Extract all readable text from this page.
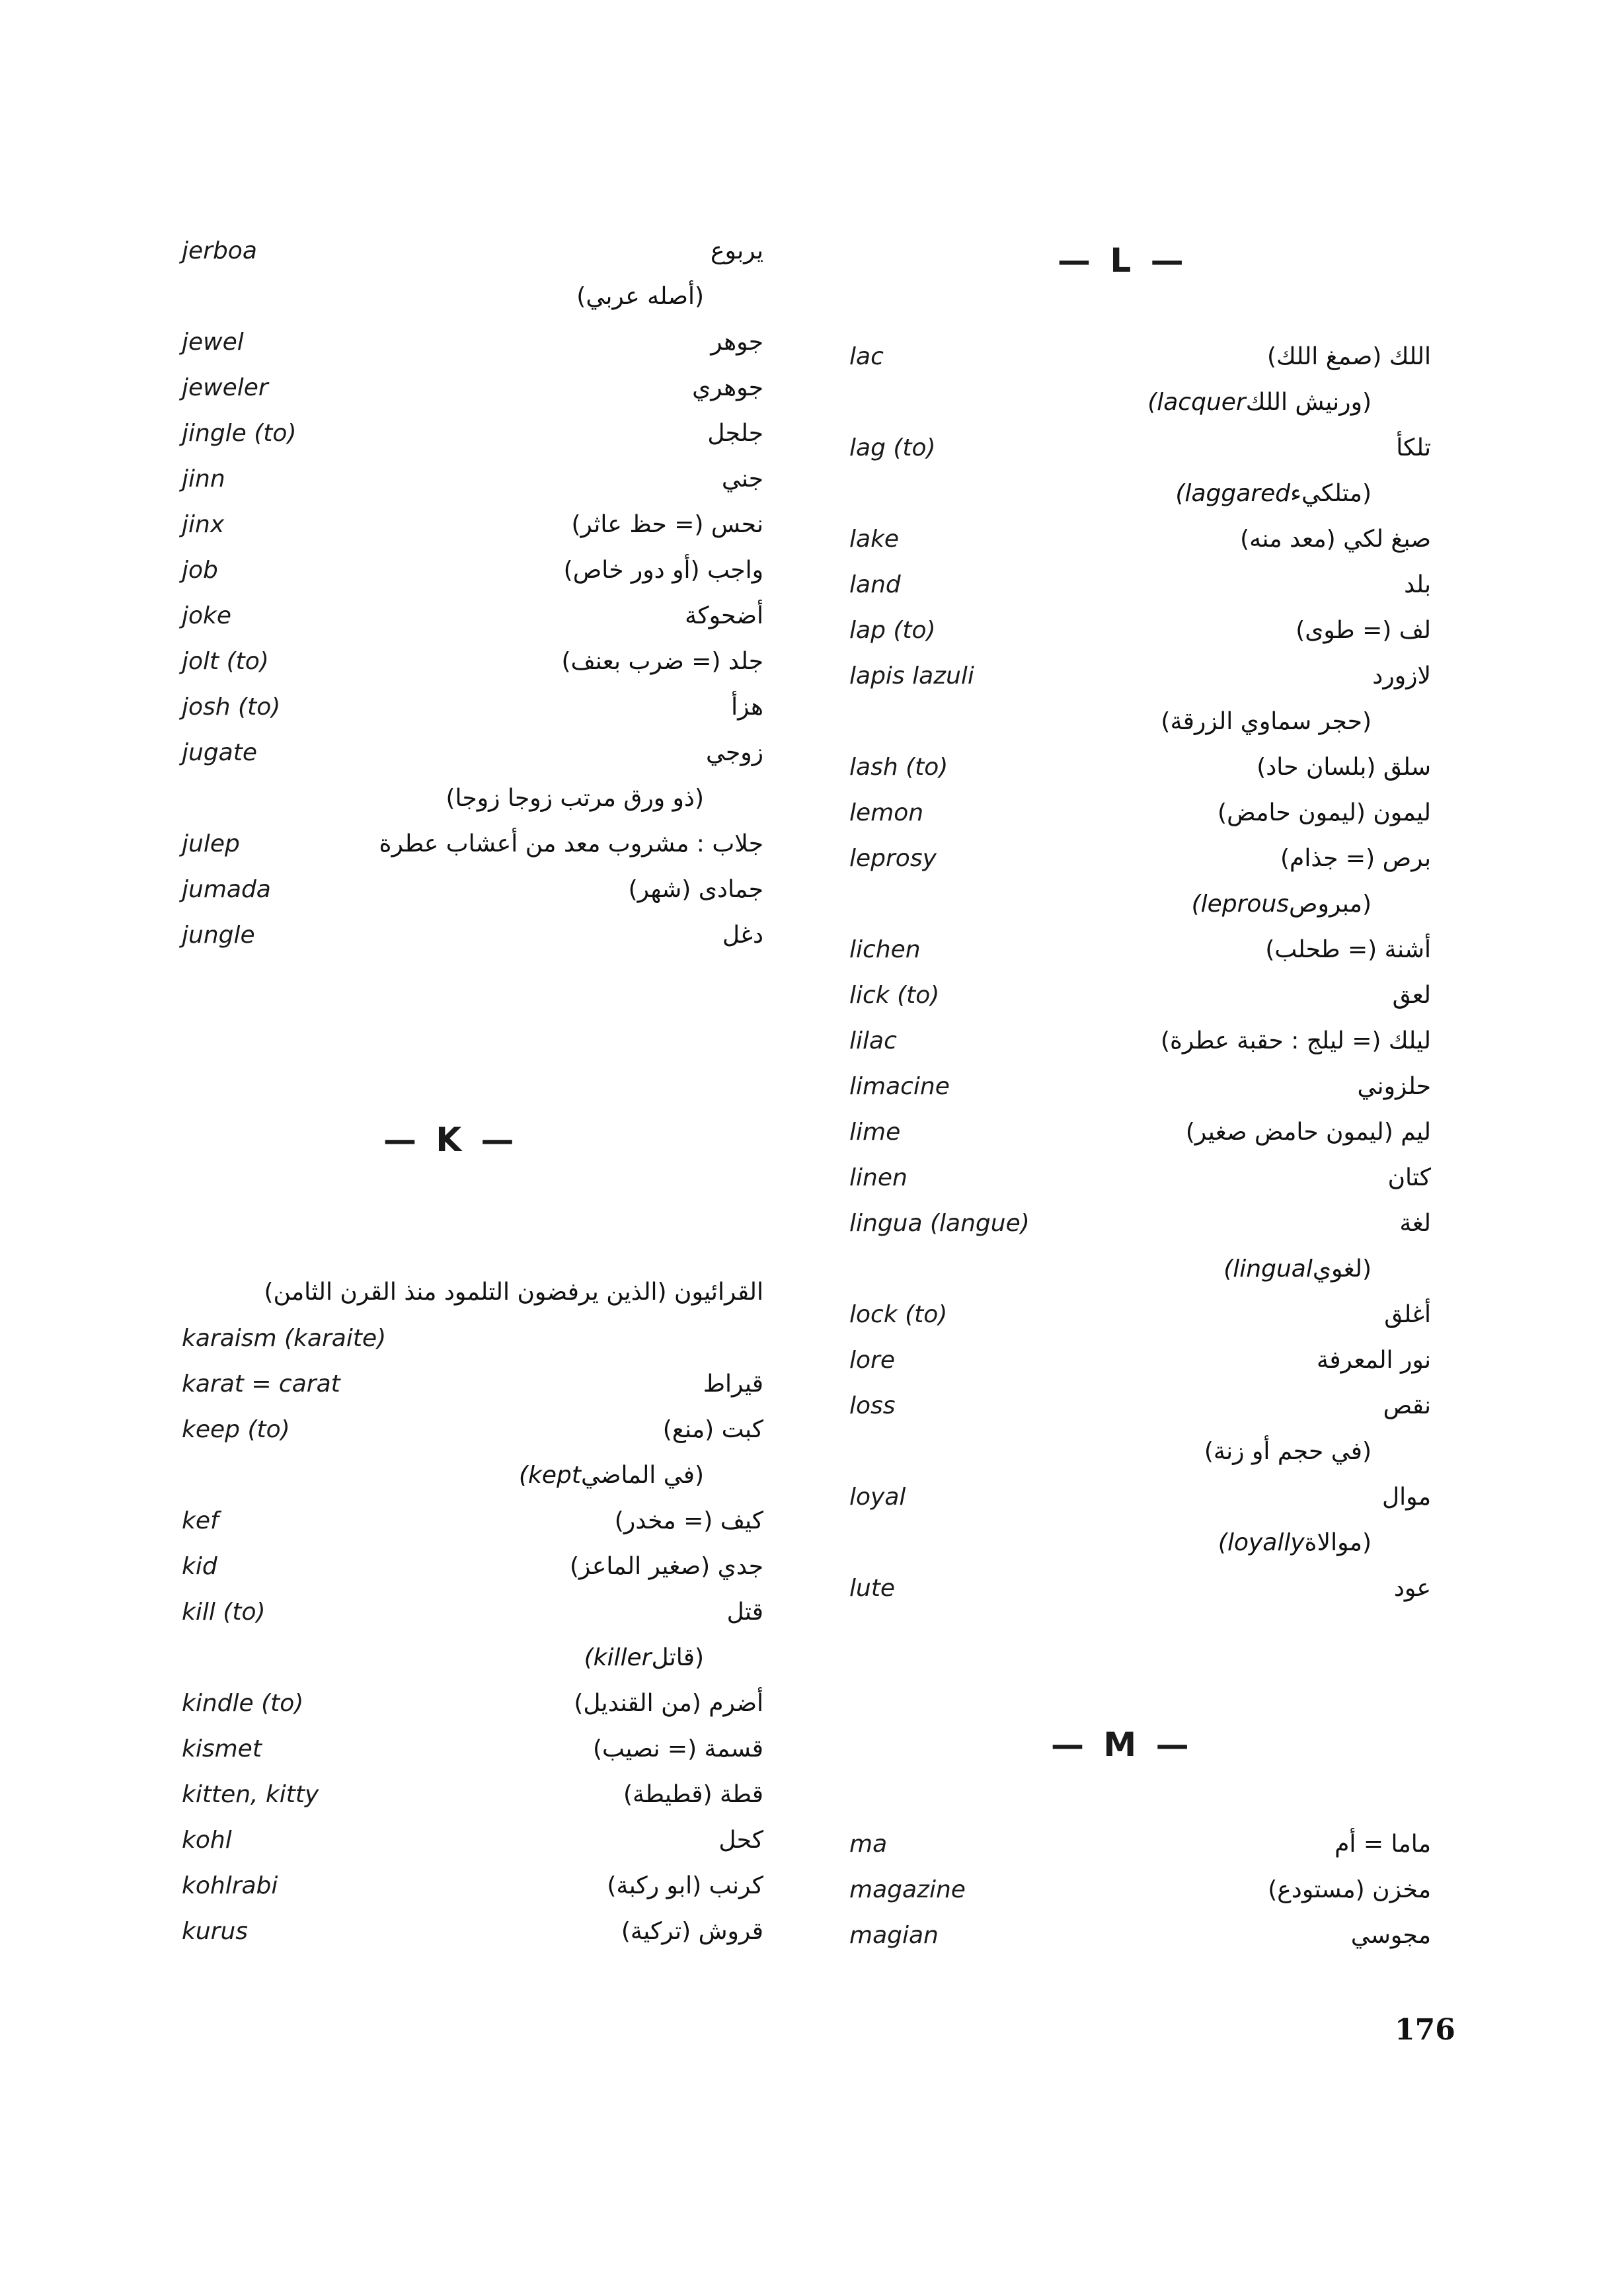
jerboa	يربوع
(أصله عربي)
jewel	جوهر
jeweler	جوهري
jingle (to)	جلجل
jinn	جني
jinx	نحس (= حظ عاثر)
job	واجب (أو دور خاص)
joke	أضحوكة
jolt (to)	جلد (= ضرب بعنف)
josh (to)	هزأ
jugate	زوجي
(ذو ورق مرتب زوجا زوجا)
julep	جلاب : مشروب معد من أعشاب عطرة
jumada	جمادى (شهر)
jungle	دغل
— K —
القرائيون (الذين يرفضون التلمود منذ القرن الثامن)
karaism (karaite)
karat = carat	قيراط
keep (to)	كبت (منع)
(في الماضي(kept
kef	كيف (= مخدر)
kid	جدي (صغير الماعز)
kill (to)	قتل
(قاتل(killer
kindle (to)	أضرم (من القنديل)
kismet	قسمة (= نصيب)
kitten, kitty	قطة (قطيطة)
kohl	كحل
kohlrabi	كرنب (ابو ركبة)
kurus	قروش (تركية)
— L —
lac	اللك (صمغ اللك)
(ورنيش اللك(lacquer
lag (to)	تلكأ
(متلكيء(laggared
lake	صبغ لكي (معد منه)
land	بلد
lap (to)	لف (= طوى)
lapis lazuli	لازورد
(حجر سماوي الزرقة)
lash (to)	سلق (بلسان حاد)
lemon	ليمون (ليمون حامض)
leprosy	برص (= جذام)
(مبروص(leprous
lichen	أشنة (= طحلب)
lick (to)	لعق
lilac	ليلك (= ليلج : حقبة عطرة)
limacine	حلزوني
lime	ليم (ليمون حامض صغير)
linen	كتان
lingua (langue)	لغة
(لغوي(lingual
lock (to)	أغلق
lore	نور المعرفة
loss	نقص
(في حجم أو زنة)
loyal	موال
(موالاة(loyally
lute	عود
— M —
ma	ماما = أم
magazine	مخزن (مستودع)
magian	مجوسي
176
